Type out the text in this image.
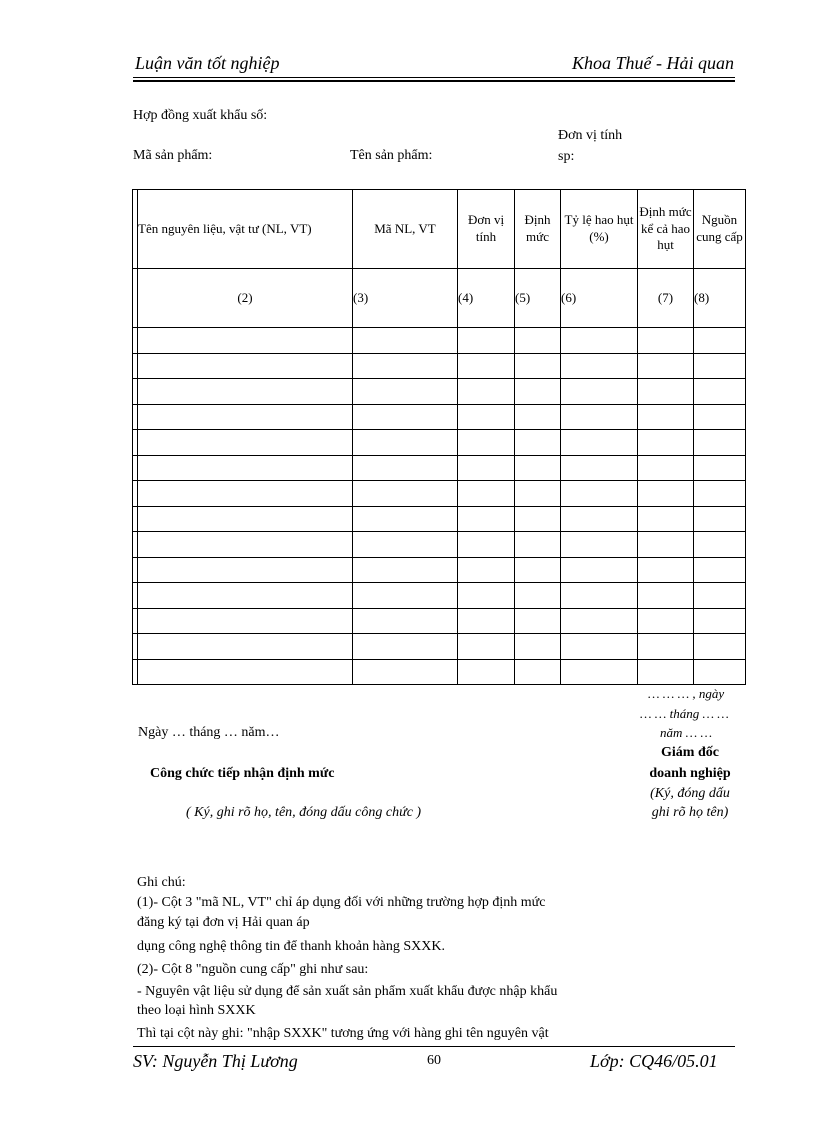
Luận văn tốt nghiệp	Khoa Thuế - Hải quan
Hợp đồng xuất khẩu số:
Mã sản phẩm:	Tên sản phẩm:
Đơn vị tính
sp:
	Tên nguyên liệu, vật tư (NL, VT)	Mã NL, VT	Đơn vị tính	Định mức	Tỷ lệ hao hụt (%)	Định mức kể cả hao hụt	Nguồn cung cấp
	(2)	(3)	(4)	(5)	(6)	(7)	(8)

… … … , ngày
… … tháng … …
năm … …
Ngày … tháng … năm…
Giám đốc
doanh nghiệp
Công chức tiếp nhận định mức
(Ký, đóng dấu
ghi rõ họ tên)
( Ký, ghi rõ họ, tên, đóng dấu công chức )
Ghi chú:
(1)- Cột 3 "mã NL, VT" chỉ áp dụng đối với những trường hợp định mức
đăng ký tại đơn vị Hải quan áp
dụng công nghệ thông tin để thanh khoản hàng SXXK.
(2)- Cột 8 "nguồn cung cấp" ghi như sau:
- Nguyên vật liệu sử dụng để sản xuất sản phẩm xuất khẩu được nhập khẩu
theo loại hình SXXK
Thì tại cột này ghi: "nhập SXXK" tương ứng với hàng ghi tên nguyên vật
SV: Nguyễn Thị Lương	60	Lớp: CQ46/05.01
